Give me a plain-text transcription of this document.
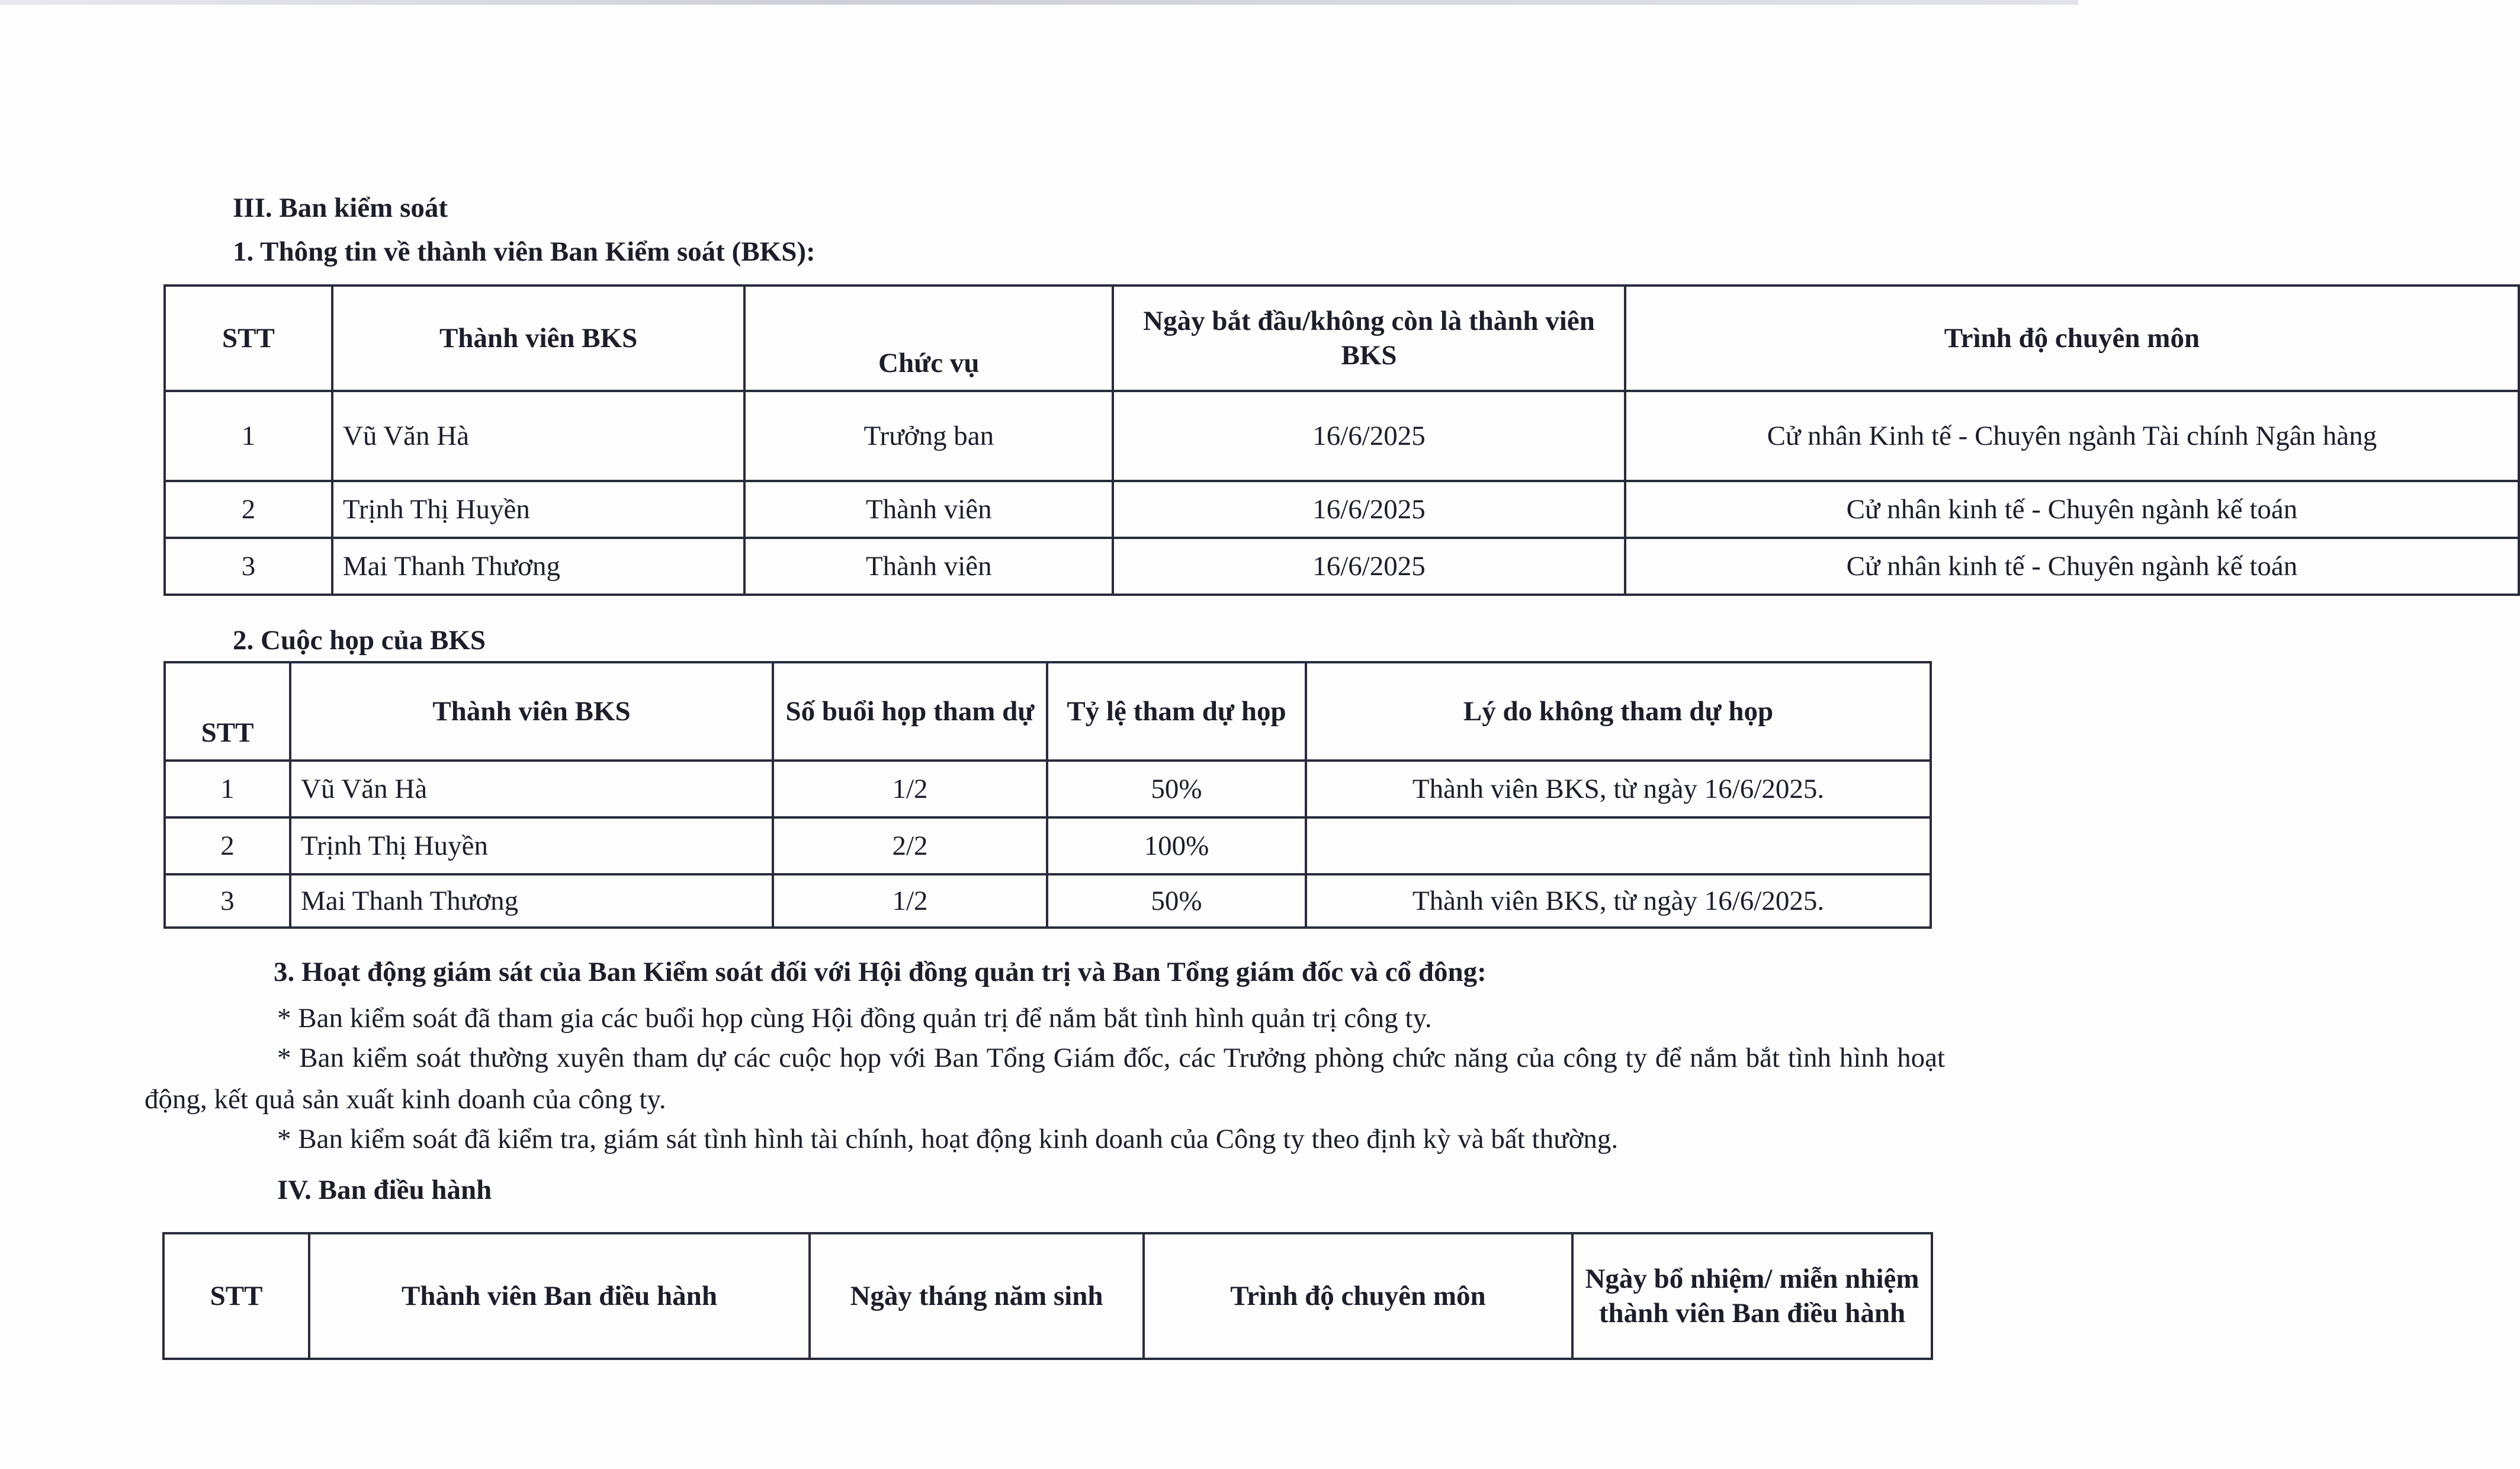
III. Ban kiểm soát
1. Thông tin về thành viên Ban Kiểm soát (BKS):
STT	Thành viên BKS	Chức vụ	Ngày bắt đầu/không còn là thành viên BKS	Trình độ chuyên môn
1	Vũ Văn Hà	Trưởng ban	16/6/2025	Cử nhân Kinh tế - Chuyên ngành Tài chính Ngân hàng
2	Trịnh Thị Huyền	Thành viên	16/6/2025	Cử nhân kinh tế - Chuyên ngành kế toán
3	Mai Thanh Thương	Thành viên	16/6/2025	Cử nhân kinh tế - Chuyên ngành kế toán
2. Cuộc họp của BKS
STT	Thành viên BKS	Số buổi họp tham dự	Tỷ lệ tham dự họp	Lý do không tham dự họp
1	Vũ Văn Hà	1/2	50%	Thành viên BKS, từ ngày 16/6/2025.
2	Trịnh Thị Huyền	2/2	100%	
3	Mai Thanh Thương	1/2	50%	Thành viên BKS, từ ngày 16/6/2025.
3. Hoạt động giám sát của Ban Kiểm soát đối với Hội đồng quản trị và Ban Tổng giám đốc và cổ đông:
* Ban kiểm soát đã tham gia các buổi họp cùng Hội đồng quản trị để nắm bắt tình hình quản trị công ty.
* Ban kiểm soát thường xuyên tham dự các cuộc họp với Ban Tổng Giám đốc, các Trưởng phòng chức năng của công ty để nắm bắt tình hình hoạt động, kết quả sản xuất kinh doanh của công ty.
* Ban kiểm soát đã kiểm tra, giám sát tình hình tài chính, hoạt động kinh doanh của Công ty theo định kỳ và bất thường.
IV. Ban điều hành
STT	Thành viên Ban điều hành	Ngày tháng năm sinh	Trình độ chuyên môn	Ngày bổ nhiệm/ miễn nhiệm thành viên Ban điều hành
